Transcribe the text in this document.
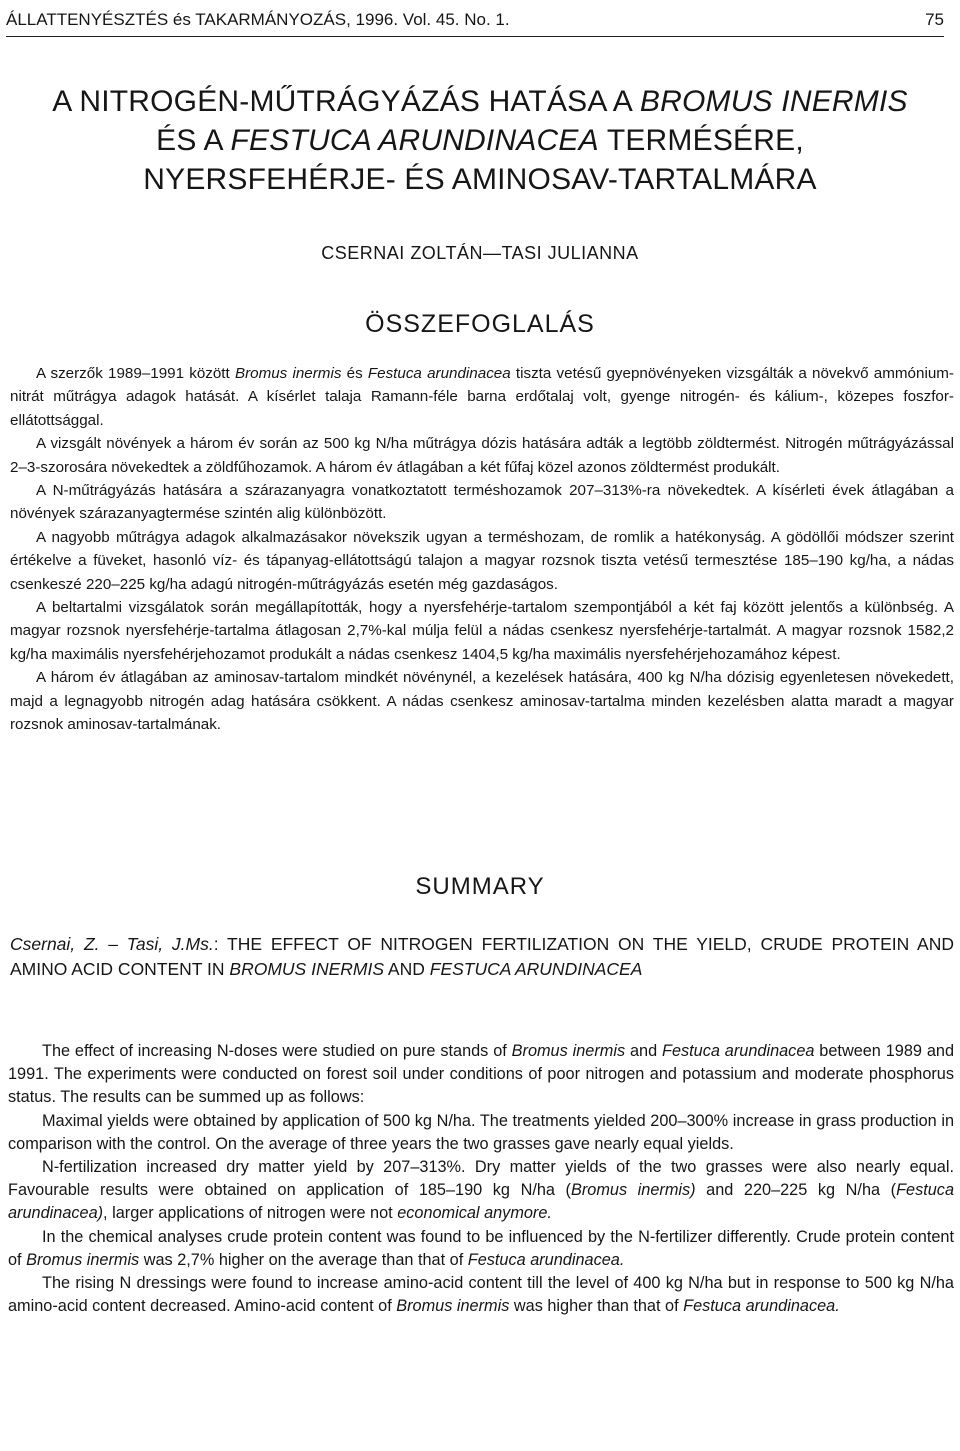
ÁLLATTENYÉSZTÉS és TAKARMÁNYOZÁS, 1996. Vol. 45. No. 1.	75
A NITROGÉN-MŰTRÁGYÁZÁS HATÁSA A BROMUS INERMIS
ÉS A FESTUCA ARUNDINACEA TERMÉSÉRE,
NYERSFEHÉRJE- ÉS AMINOSAV-TARTALMÁRA
CSERNAI ZOLTÁN—TASI JULIANNA
ÖSSZEFOGLALÁS

A szerzők 1989–1991 között Bromus inermis és Festuca arundinacea tiszta vetésű gyepnövényeken vizsgálták a növekvő ammónium-nitrát műtrágya adagok hatását. A kísérlet talaja Ramann-féle barna erdőtalaj volt, gyenge nitrogén- és kálium-, közepes foszfor-ellátottsággal.

A vizsgált növények a három év során az 500 kg N/ha műtrágya dózis hatására adták a legtöbb zöldtermést. Nitrogén műtrágyázással 2–3-szorosára növekedtek a zöldfűhozamok. A három év átlagában a két fűfaj közel azonos zöldtermést produkált.

A N-műtrágyázás hatására a szárazanyagra vonatkoztatott terméshozamok 207–313%-ra növekedtek. A kísérleti évek átlagában a növények szárazanyagtermése szintén alig különbözött.

A nagyobb műtrágya adagok alkalmazásakor növekszik ugyan a terméshozam, de romlik a hatékonyság. A gödöllői módszer szerint értékelve a füveket, hasonló víz- és tápanyag-ellátottságú talajon a magyar rozsnok tiszta vetésű termesztése 185–190 kg/ha, a nádas csenkeszé 220–225 kg/ha adagú nitrogén-műtrágyázás esetén még gazdaságos.

A beltartalmi vizsgálatok során megállapították, hogy a nyersfehérje-tartalom szempontjából a két faj között jelentős a különbség. A magyar rozsnok nyersfehérje-tartalma átlagosan 2,7%-kal múlja felül a nádas csenkesz nyersfehérje-tartalmát. A magyar rozsnok 1582,2 kg/ha maximális nyersfehérjehozamot produkált a nádas csenkesz 1404,5 kg/ha maximális nyersfehérjehozamához képest.

A három év átlagában az aminosav-tartalom mindkét növénynél, a kezelések hatására, 400 kg N/ha dózisig egyenletesen növekedett, majd a legnagyobb nitrogén adag hatására csökkent. A nádas csenkesz aminosav-tartalma minden kezelésben alatta maradt a magyar rozsnok aminosav-tartalmának.

SUMMARY

Csernai, Z. – Tasi, J.Ms.: THE EFFECT OF NITROGEN FERTILIZATION ON THE YIELD, CRUDE PROTEIN AND AMINO ACID CONTENT IN BROMUS INERMIS AND FESTUCA ARUNDINACEA

The effect of increasing N-doses were studied on pure stands of Bromus inermis and Festuca arundinacea between 1989 and 1991. The experiments were conducted on forest soil under conditions of poor nitrogen and potassium and moderate phosphorus status. The results can be summed up as follows:

Maximal yields were obtained by application of 500 kg N/ha. The treatments yielded 200–300% increase in grass production in comparison with the control. On the average of three years the two grasses gave nearly equal yields.

N-fertilization increased dry matter yield by 207–313%. Dry matter yields of the two grasses were also nearly equal. Favourable results were obtained on application of 185–190 kg N/ha (Bromus inermis) and 220–225 kg N/ha (Festuca arundinacea), larger applications of nitrogen were not economical anymore.

In the chemical analyses crude protein content was found to be influenced by the N-fertilizer differently. Crude protein content of Bromus inermis was 2,7% higher on the average than that of Festuca arundinacea.

The rising N dressings were found to increase amino-acid content till the level of 400 kg N/ha but in response to 500 kg N/ha amino-acid content decreased. Amino-acid content of Bromus inermis was higher than that of Festuca arundinacea.
